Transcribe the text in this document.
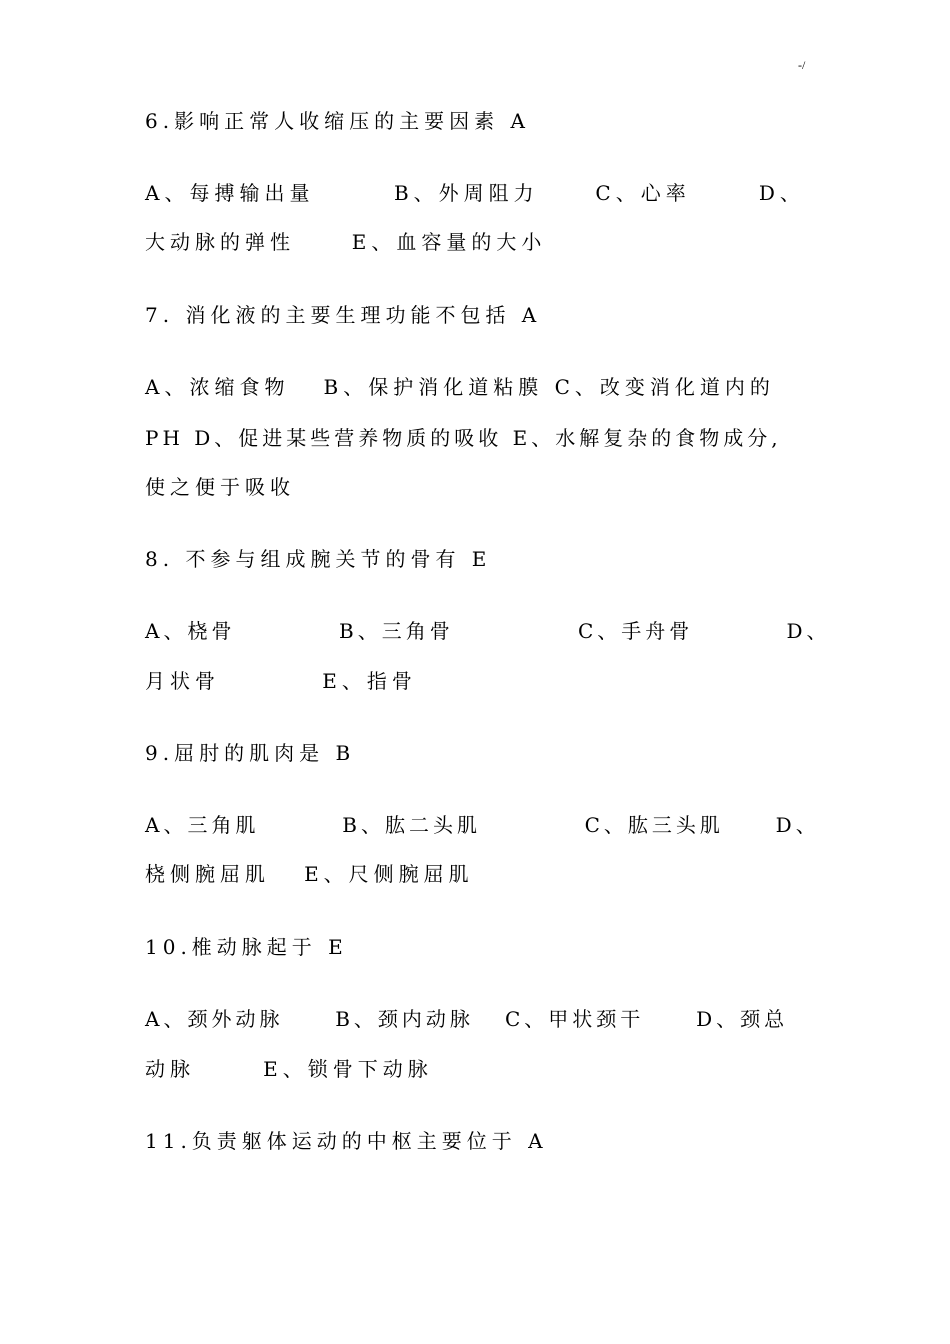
-/
6.影响正常人收缩压的主要因素 A
A、每搏输出量       B、外周阻力     C、心率      D、
大动脉的弹性     E、血容量的大小
7. 消化液的主要生理功能不包括 A
A、浓缩食物   B、保护消化道粘膜 C、改变消化道内的
PH D、促进某些营养物质的吸收 E、水解复杂的食物成分,
使之便于吸收
8. 不参与组成腕关节的骨有 E
A、桡骨          B、三角骨            C、手舟骨         D、
月状骨         E、指骨
9.屈肘的肌肉是 B
A、三角肌        B、肱二头肌          C、肱三头肌     D、
桡侧腕屈肌   E、尺侧腕屈肌
10.椎动脉起于 E
A、颈外动脉     B、颈内动脉   C、甲状颈干     D、颈总
动脉      E、锁骨下动脉
11.负责躯体运动的中枢主要位于 A
